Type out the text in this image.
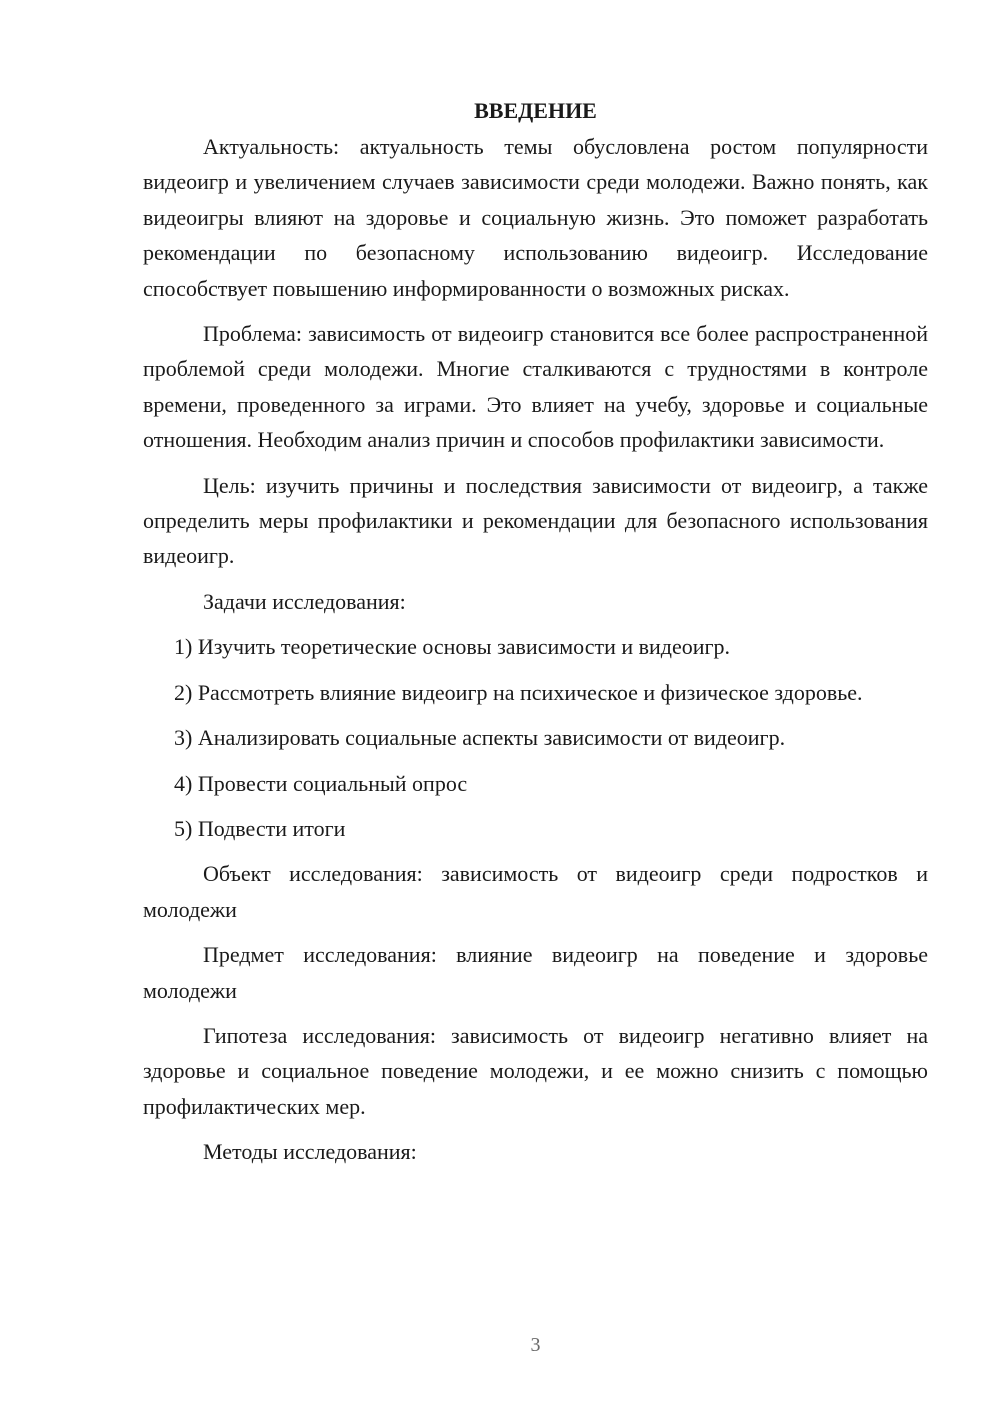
ВВЕДЕНИЕ

Актуальность: актуальность темы обусловлена ростом популярности видеоигр и увеличением случаев зависимости среди молодежи. Важно понять, как видеоигры влияют на здоровье и социальную жизнь. Это поможет разработать рекомендации по безопасному использованию видеоигр. Исследование способствует повышению информированности о возможных рисках.

Проблема: зависимость от видеоигр становится все более распространенной проблемой среди молодежи. Многие сталкиваются с трудностями в контроле времени, проведенного за играми. Это влияет на учебу, здоровье и социальные отношения. Необходим анализ причин и способов профилактики зависимости.

Цель: изучить причины и последствия зависимости от видеоигр, а также определить меры профилактики и рекомендации для безопасного использования видеоигр.

Задачи исследования:

1) Изучить теоретические основы зависимости и видеоигр.

2) Рассмотреть влияние видеоигр на психическое и физическое здоровье.

3) Анализировать социальные аспекты зависимости от видеоигр.

4) Провести социальный опрос

5) Подвести итоги

Объект исследования: зависимость от видеоигр среди подростков и молодежи

Предмет исследования: влияние видеоигр на поведение и здоровье молодежи

Гипотеза исследования: зависимость от видеоигр негативно влияет на здоровье и социальное поведение молодежи, и ее можно снизить с помощью профилактических мер.

Методы исследования:

3
